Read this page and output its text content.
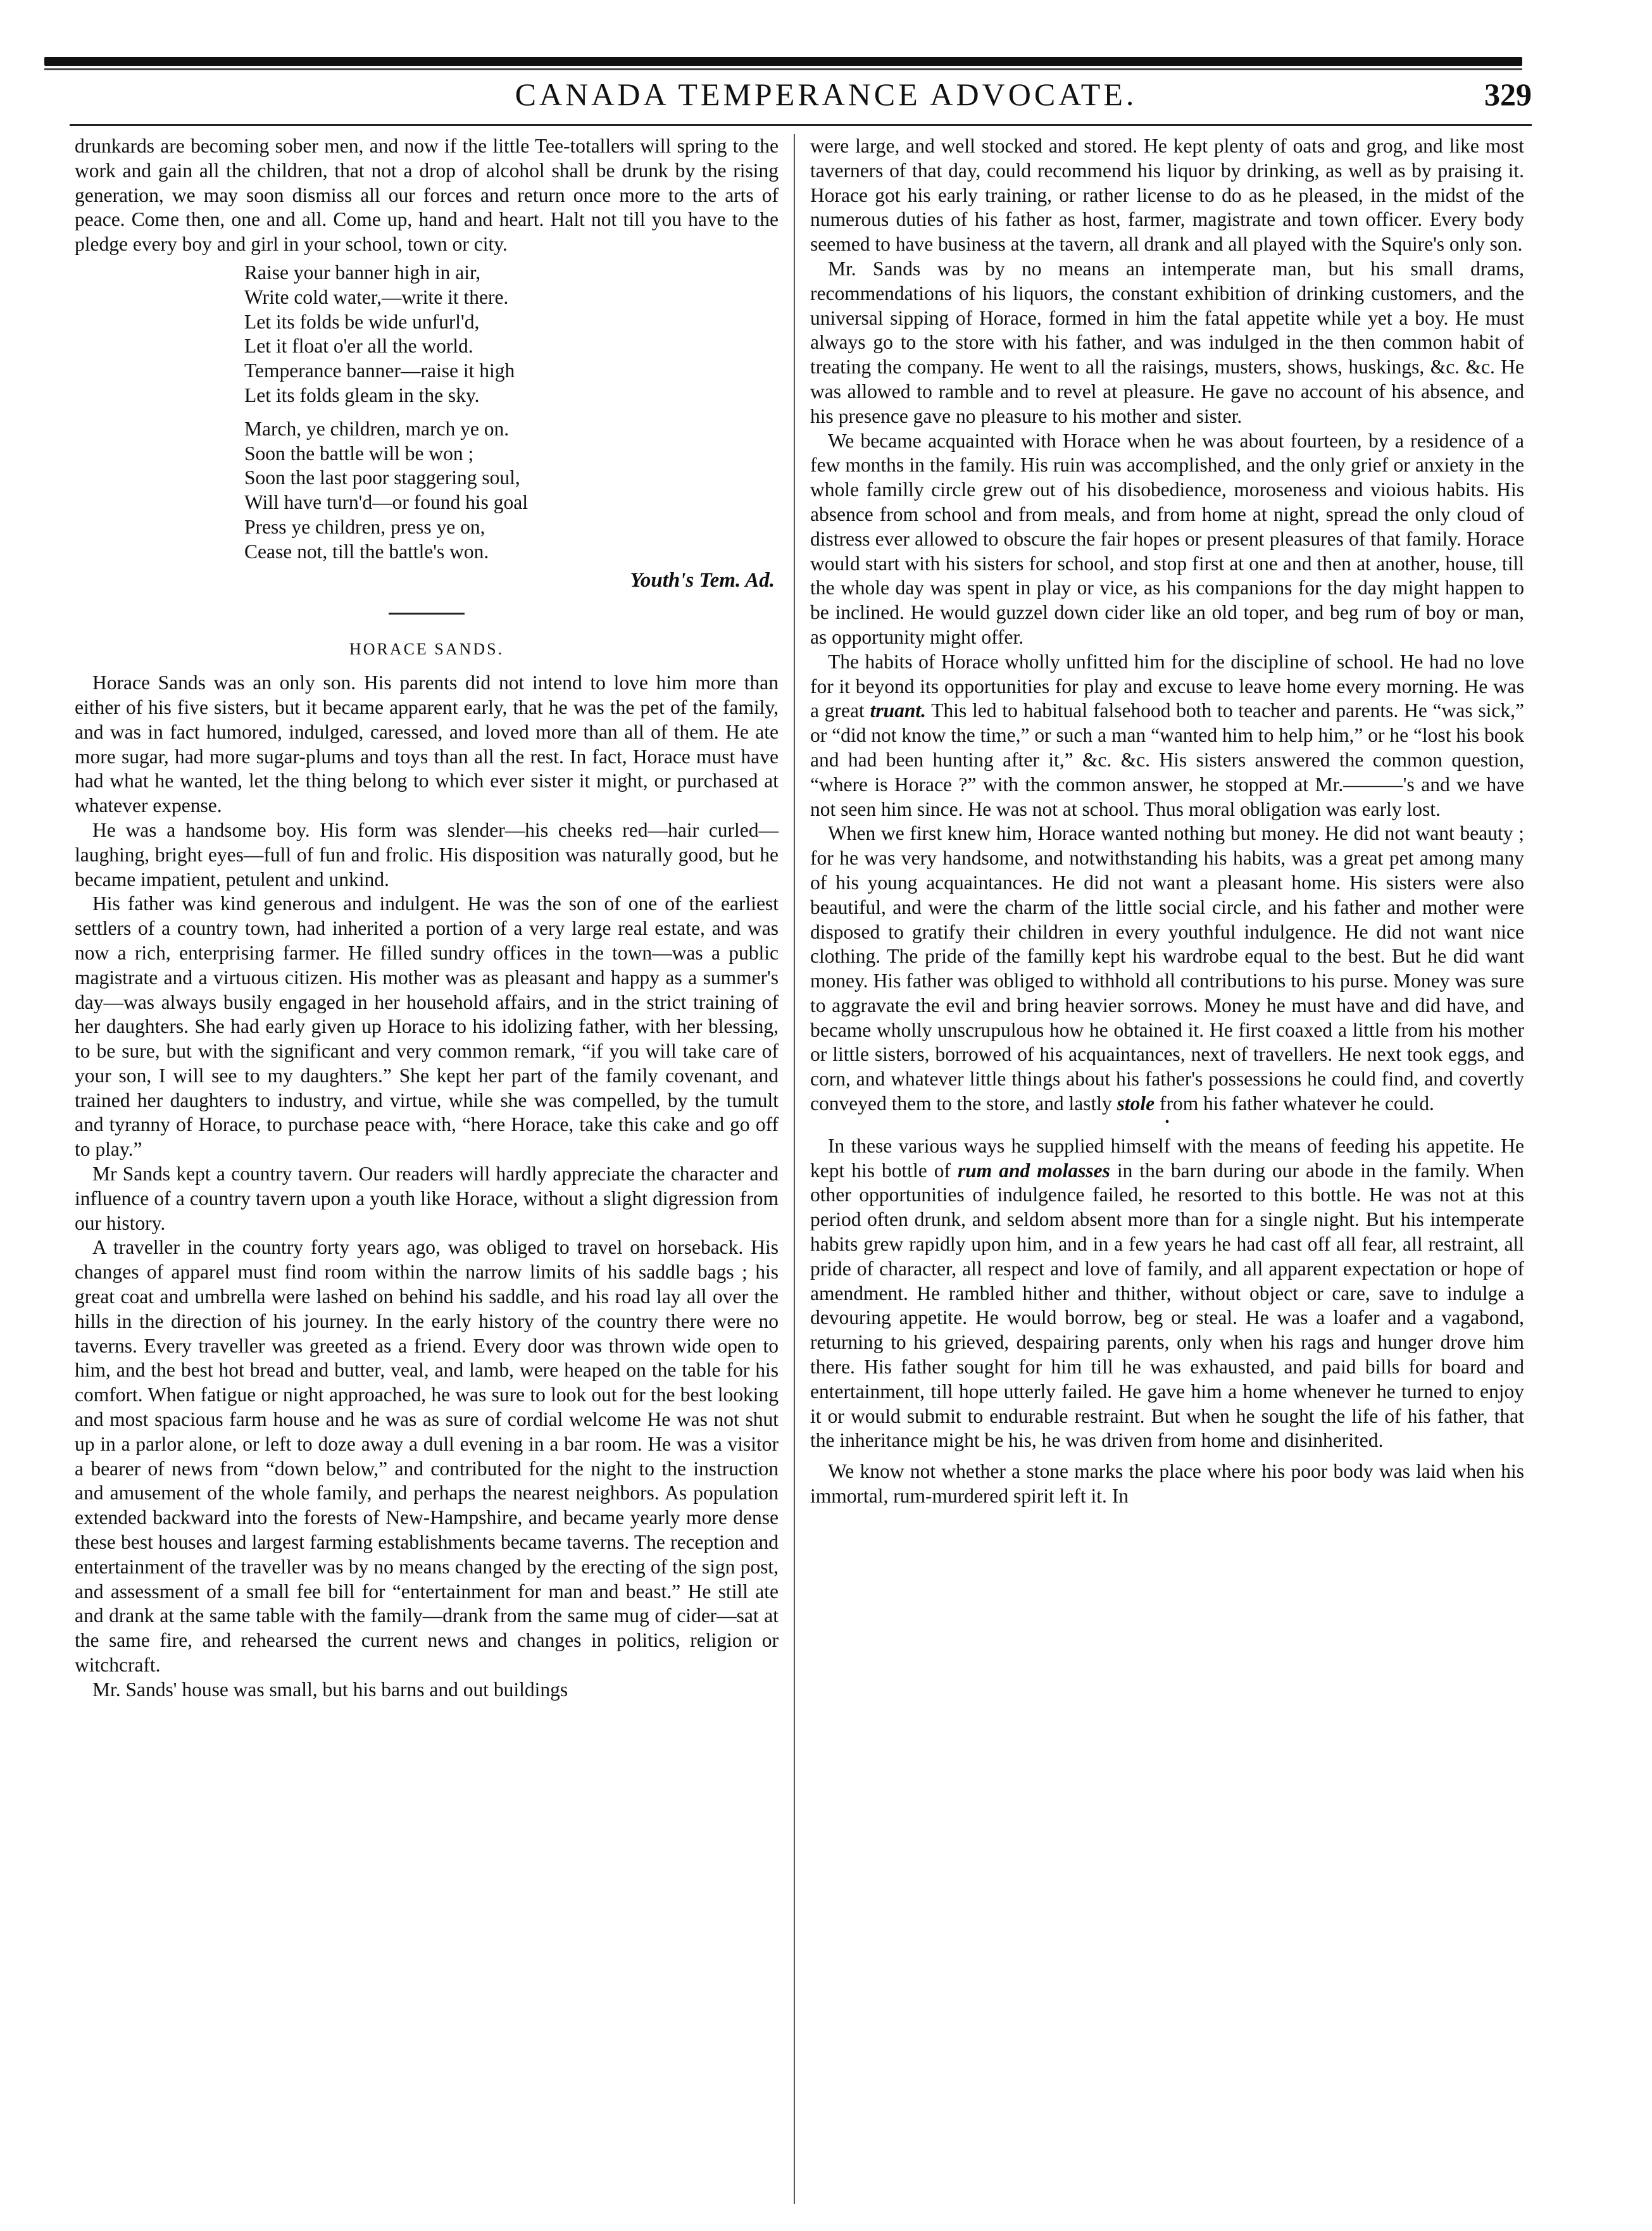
CANADA TEMPERANCE ADVOCATE.	329

drunkards are becoming sober men, and now if the little Tee-totallers will spring to the work and gain all the children, that not a drop of alcohol shall be drunk by the rising generation, we may soon dismiss all our forces and return once more to the arts of peace. Come then, one and all. Come up, hand and heart. Halt not till you have to the pledge every boy and girl in your school, town or city.

Raise your banner high in air,
Write cold water,—write it there.
Let its folds be wide unfurl'd,
Let it float o'er all the world.
Temperance banner—raise it high
Let its folds gleam in the sky.
March, ye children, march ye on.
Soon the battle will be won ;
Soon the last poor staggering soul,
Will have turn'd—or found his goal
Press ye children, press ye on,
Cease not, till the battle's won.
Youth's Tem. Ad.
HORACE SANDS.

Horace Sands was an only son. His parents did not intend to love him more than either of his five sisters, but it became apparent early, that he was the pet of the family, and was in fact humored, indulged, caressed, and loved more than all of them. He ate more sugar, had more sugar-plums and toys than all the rest. In fact, Horace must have had what he wanted, let the thing belong to which ever sister it might, or purchased at whatever expense.

He was a handsome boy. His form was slender—his cheeks red—hair curled—laughing, bright eyes—full of fun and frolic. His disposition was naturally good, but he became impatient, petulent and unkind.

His father was kind generous and indulgent. He was the son of one of the earliest settlers of a country town, had inherited a portion of a very large real estate, and was now a rich, enterprising farmer. He filled sundry offices in the town—was a public magistrate and a virtuous citizen. His mother was as pleasant and happy as a summer's day—was always busily engaged in her household affairs, and in the strict training of her daughters. She had early given up Horace to his idolizing father, with her blessing, to be sure, but with the significant and very common remark, “if you will take care of your son, I will see to my daughters.” She kept her part of the family covenant, and trained her daughters to industry, and virtue, while she was compelled, by the tumult and tyranny of Horace, to purchase peace with, “here Horace, take this cake and go off to play.”

Mr Sands kept a country tavern. Our readers will hardly appreciate the character and influence of a country tavern upon a youth like Horace, without a slight digression from our history.

A traveller in the country forty years ago, was obliged to travel on horseback. His changes of apparel must find room within the narrow limits of his saddle bags ; his great coat and umbrella were lashed on behind his saddle, and his road lay all over the hills in the direction of his journey. In the early history of the country there were no taverns. Every traveller was greeted as a friend. Every door was thrown wide open to him, and the best hot bread and butter, veal, and lamb, were heaped on the table for his comfort. When fatigue or night approached, he was sure to look out for the best looking and most spacious farm house and he was as sure of cordial welcome He was not shut up in a parlor alone, or left to doze away a dull evening in a bar room. He was a visitor a bearer of news from “down below,” and contributed for the night to the instruction and amusement of the whole family, and perhaps the nearest neighbors. As population extended backward into the forests of New-Hampshire, and became yearly more dense these best houses and largest farming establishments became taverns. The reception and entertainment of the traveller was by no means changed by the erecting of the sign post, and assessment of a small fee bill for “entertainment for man and beast.” He still ate and drank at the same table with the family—drank from the same mug of cider—sat at the same fire, and rehearsed the current news and changes in politics, religion or witchcraft.

Mr. Sands' house was small, but his barns and out buildings

were large, and well stocked and stored. He kept plenty of oats and grog, and like most taverners of that day, could recommend his liquor by drinking, as well as by praising it. Horace got his early training, or rather license to do as he pleased, in the midst of the numerous duties of his father as host, farmer, magistrate and town officer. Every body seemed to have business at the tavern, all drank and all played with the Squire's only son.

Mr. Sands was by no means an intemperate man, but his small drams, recommendations of his liquors, the constant exhibition of drinking customers, and the universal sipping of Horace, formed in him the fatal appetite while yet a boy. He must always go to the store with his father, and was indulged in the then common habit of treating the company. He went to all the raisings, musters, shows, huskings, &c. &c. He was allowed to ramble and to revel at pleasure. He gave no account of his absence, and his presence gave no pleasure to his mother and sister.

We became acquainted with Horace when he was about fourteen, by a residence of a few months in the family. His ruin was accomplished, and the only grief or anxiety in the whole familly circle grew out of his disobedience, moroseness and vioious habits. His absence from school and from meals, and from home at night, spread the only cloud of distress ever allowed to obscure the fair hopes or present pleasures of that family. Horace would start with his sisters for school, and stop first at one and then at another, house, till the whole day was spent in play or vice, as his companions for the day might happen to be inclined. He would guzzel down cider like an old toper, and beg rum of boy or man, as opportunity might offer.

The habits of Horace wholly unfitted him for the discipline of school. He had no love for it beyond its opportunities for play and excuse to leave home every morning. He was a great truant. This led to habitual falsehood both to teacher and parents. He “was sick,” or “did not know the time,” or such a man “wanted him to help him,” or he “lost his book and had been hunting after it,” &c. &c. His sisters answered the common question, “where is Horace ?” with the common answer, he stopped at Mr.———'s and we have not seen him since. He was not at school. Thus moral obligation was early lost.

When we first knew him, Horace wanted nothing but money. He did not want beauty ; for he was very handsome, and notwithstanding his habits, was a great pet among many of his young acquaintances. He did not want a pleasant home. His sisters were also beautiful, and were the charm of the little social circle, and his father and mother were disposed to gratify their children in every youthful indulgence. He did not want nice clothing. The pride of the familly kept his wardrobe equal to the best. But he did want money. His father was obliged to withhold all contributions to his purse. Money was sure to aggravate the evil and bring heavier sorrows. Money he must have and did have, and became wholly unscrupulous how he obtained it. He first coaxed a little from his mother or little sisters, borrowed of his acquaintances, next of travellers. He next took eggs, and corn, and whatever little things about his father's possessions he could find, and covertly conveyed them to the store, and lastly stole from his father whatever he could.

•

In these various ways he supplied himself with the means of feeding his appetite. He kept his bottle of rum and molasses in the barn during our abode in the family. When other opportunities of indulgence failed, he resorted to this bottle. He was not at this period often drunk, and seldom absent more than for a single night. But his intemperate habits grew rapidly upon him, and in a few years he had cast off all fear, all restraint, all pride of character, all respect and love of family, and all apparent expectation or hope of amendment. He rambled hither and thither, without object or care, save to indulge a devouring appetite. He would borrow, beg or steal. He was a loafer and a vagabond, returning to his grieved, despairing parents, only when his rags and hunger drove him there. His father sought for him till he was exhausted, and paid bills for board and entertainment, till hope utterly failed. He gave him a home whenever he turned to enjoy it or would submit to endurable restraint. But when he sought the life of his father, that the inheritance might be his, he was driven from home and disinherited.

We know not whether a stone marks the place where his poor body was laid when his immortal, rum-murdered spirit left it. In
